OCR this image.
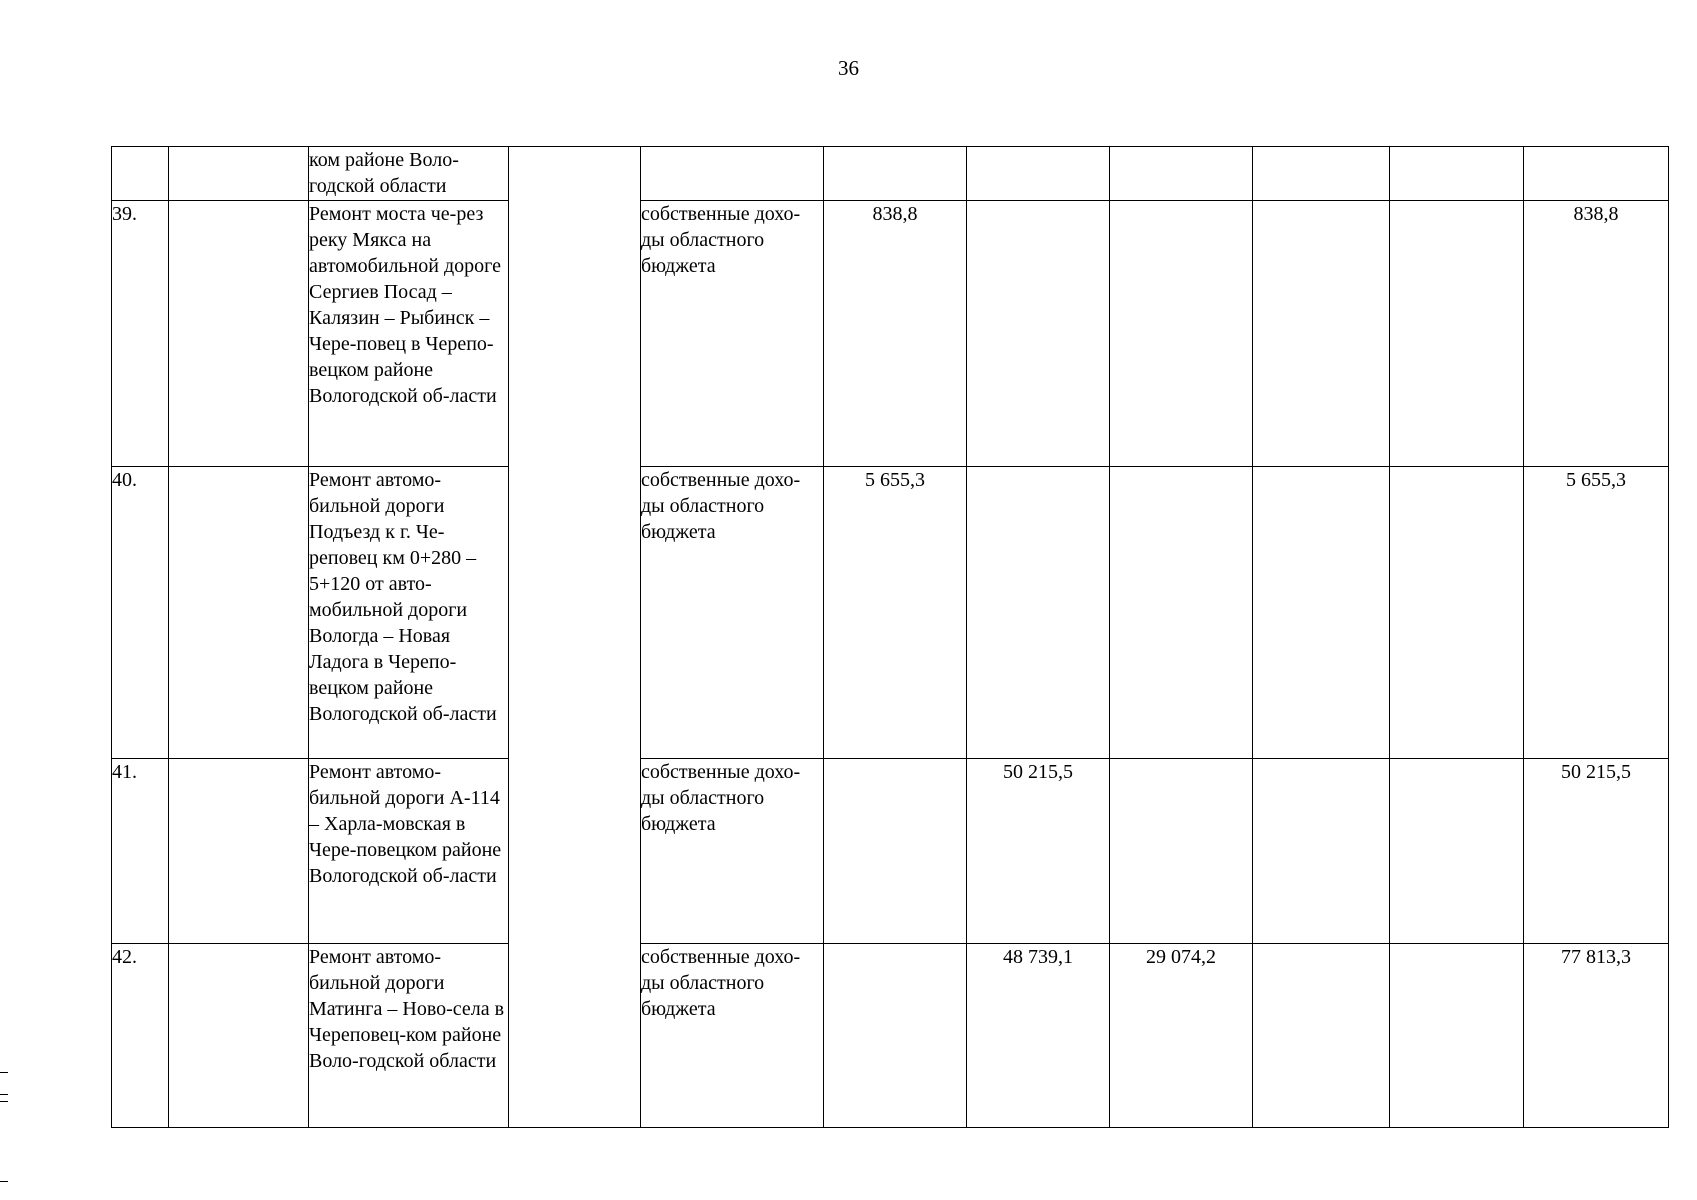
36
		ком районе Воло-годской области								
39.		Ремонт моста че-рез реку Мякса на автомобильной дороге Сергиев Посад – Калязин – Рыбинск – Чере-повец в Черепо-вецком районе Вологодской об-ласти		собственные дохо-ды областного бюджета	838,8					838,8
40.		Ремонт автомо-бильной дороги Подъезд к г. Че-реповец км 0+280 – 5+120 от авто-мобильной дороги Вологда – Новая Ладога в Черепо-вецком районе Вологодской об-ласти		собственные дохо-ды областного бюджета	5 655,3					5 655,3
41.		Ремонт автомо-бильной дороги А-114 – Харла-мовская в Чере-повецком районе Вологодской об-ласти		собственные дохо-ды областного бюджета		50 215,5				50 215,5
42.		Ремонт автомо-бильной дороги Матинга – Ново-села в Череповец-ком районе Воло-годской области		собственные дохо-ды областного бюджета		48 739,1	29 074,2			77 813,3
